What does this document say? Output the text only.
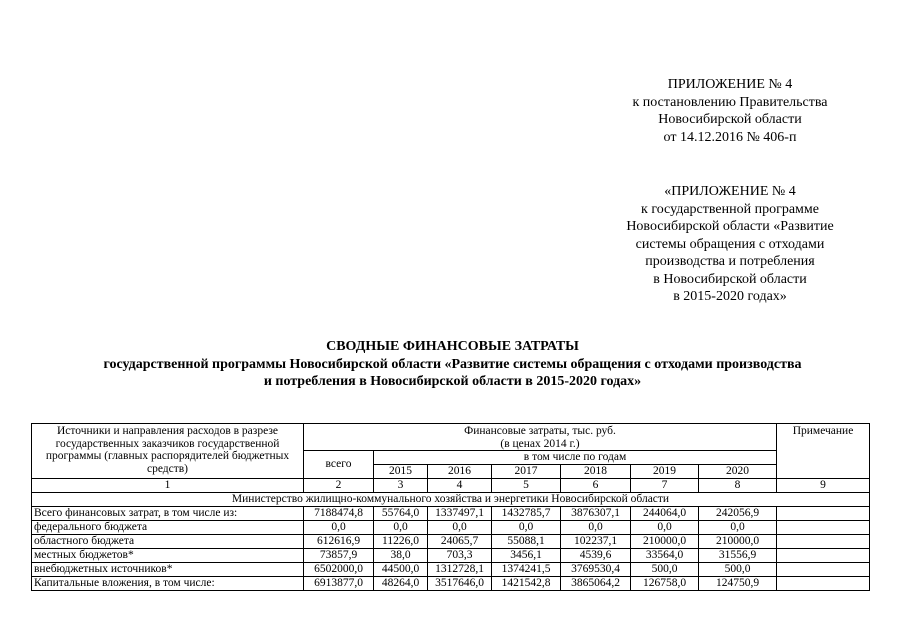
ПРИЛОЖЕНИЕ № 4
к постановлению Правительства
Новосибирской области
от 14.12.2016 № 406-п
«ПРИЛОЖЕНИЕ № 4
к государственной программе
Новосибирской области «Развитие
системы обращения с отходами
производства и потребления
в Новосибирской области
в 2015-2020 годах»
СВОДНЫЕ ФИНАНСОВЫЕ ЗАТРАТЫ
государственной программы Новосибирской области «Развитие системы обращения с отходами производства
и потребления в Новосибирской области в 2015-2020 годах»
Источники и направления расходов в разрезе государственных заказчиков государственной программы (главных распорядителей бюджетных средств)	Финансовые затраты, тыс. руб.
(в ценах 2014 г.)							Примечание
	всего	в том числе по годам						
		2015	2016	2017	2018	2019	2020	
1	2	3	4	5	6	7	8	9
Министерство жилищно-коммунального хозяйства и энергетики Новосибирской области								
Всего финансовых затрат, в том числе из:	7188474,8	55764,0	1337497,1	1432785,7	3876307,1	244064,0	242056,9	
федерального бюджета	0,0	0,0	0,0	0,0	0,0	0,0	0,0	
областного бюджета	612616,9	11226,0	24065,7	55088,1	102237,1	210000,0	210000,0	
местных бюджетов*	73857,9	38,0	703,3	3456,1	4539,6	33564,0	31556,9	
внебюджетных источников*	6502000,0	44500,0	1312728,1	1374241,5	3769530,4	500,0	500,0	
Капитальные вложения, в том числе:	6913877,0	48264,0	3517646,0	1421542,8	3865064,2	126758,0	124750,9	
